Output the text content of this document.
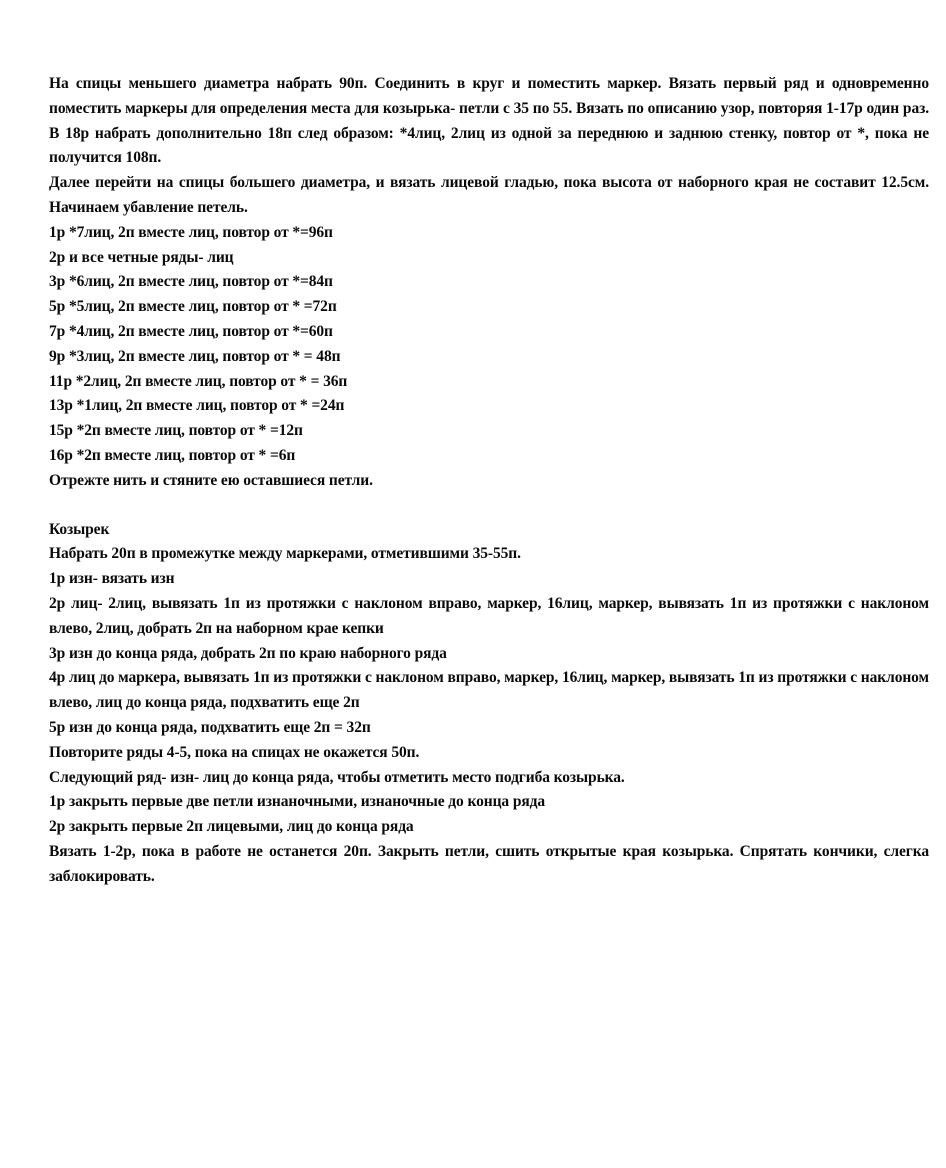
На спицы меньшего диаметра набрать 90п. Соединить в круг и поместить маркер. Вязать первый ряд и одновременно поместить маркеры для определения места для козырька- петли с 35 по 55. Вязать по описанию узор, повторяя 1-17р один раз. В 18р набрать дополнительно 18п след образом: *4лиц, 2лиц из одной за переднюю и заднюю стенку, повтор от *, пока не получится 108п.

Далее перейти на спицы большего диаметра, и вязать лицевой гладью, пока высота от наборного края не составит 12.5см. Начинаем убавление петель.

1р *7лиц, 2п вместе лиц, повтор от *=96п

2р и все четные ряды- лиц

3р *6лиц, 2п вместе лиц, повтор от *=84п

5р *5лиц, 2п вместе лиц, повтор от * =72п

7р *4лиц, 2п вместе лиц, повтор от *=60п

9р *3лиц, 2п вместе лиц, повтор от * = 48п

11р *2лиц, 2п вместе лиц, повтор от * = 36п

13р *1лиц, 2п вместе лиц, повтор от * =24п

15р *2п вместе лиц, повтор от * =12п

16р *2п вместе лиц, повтор от * =6п

Отрежте нить и стяните ею оставшиеся петли.

Козырек

Набрать 20п в промежутке между маркерами, отметившими 35-55п.

1р изн- вязать изн

2р лиц- 2лиц, вывязать 1п из протяжки с наклоном вправо, маркер, 16лиц, маркер, вывязать 1п из протяжки с наклоном влево, 2лиц, добрать 2п на наборном крае кепки

3р изн до конца ряда, добрать 2п по краю наборного ряда

4р лиц до маркера, вывязать 1п из протяжки с наклоном вправо, маркер, 16лиц, маркер, вывязать 1п из протяжки с наклоном влево, лиц до конца ряда, подхватить еще 2п

5р изн до конца ряда, подхватить еще 2п = 32п

Повторите ряды 4-5, пока на спицах не окажется 50п.

Следующий ряд- изн- лиц до конца ряда, чтобы отметить место подгиба козырька.

1р закрыть первые две петли изнаночными, изнаночные до конца ряда

2р закрыть первые 2п лицевыми, лиц до конца ряда

Вязать 1-2р, пока в работе не останется 20п. Закрыть петли, сшить открытые края козырька. Спрятать кончики, слегка заблокировать.
